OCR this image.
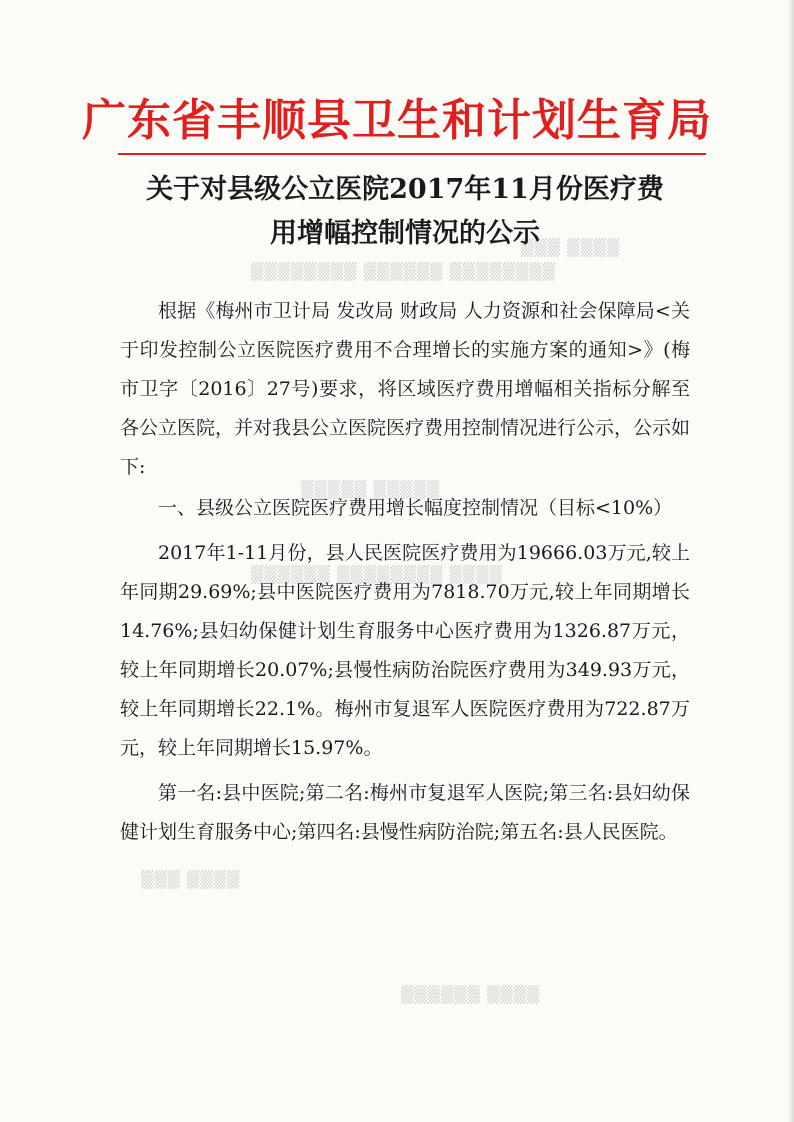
▒▒▒▒ ▒▒▒
▒▒▒▒▒▒▒▒ ▒▒▒▒▒▒ ▒▒▒▒▒▒▒▒
▒▒▒▒▒ ▒▒▒▒▒
▒▒▒▒ ▒▒▒▒▒▒▒▒ ▒▒▒▒▒▒
▒▒▒▒ ▒▒▒
▒▒▒▒ ▒▒▒▒▒▒
广东省丰顺县卫生和计划生育局
关于对县级公立医院2017年11月份医疗费
用增幅控制情况的公示

根据《梅州市卫计局 发改局 财政局 人力资源和社会保障局<关于印发控制公立医院医疗费用不合理增长的实施方案的通知>》(梅市卫字〔2016〕27号)要求，将区域医疗费用增幅相关指标分解至各公立医院，并对我县公立医院医疗费用控制情况进行公示，公示如下:

一、县级公立医院医疗费用增长幅度控制情况（目标<10%）

2017年1-11月份，县人民医院医疗费用为19666.03万元,较上年同期29.69%;县中医院医疗费用为7818.70万元,较上年同期增长14.76%;县妇幼保健计划生育服务中心医疗费用为1326.87万元，较上年同期增长20.07%;县慢性病防治院医疗费用为349.93万元，较上年同期增长22.1%。梅州市复退军人医院医疗费用为722.87万元，较上年同期增长15.97%。

第一名:县中医院;第二名:梅州市复退军人医院;第三名:县妇幼保健计划生育服务中心;第四名:县慢性病防治院;第五名:县人民医院。
